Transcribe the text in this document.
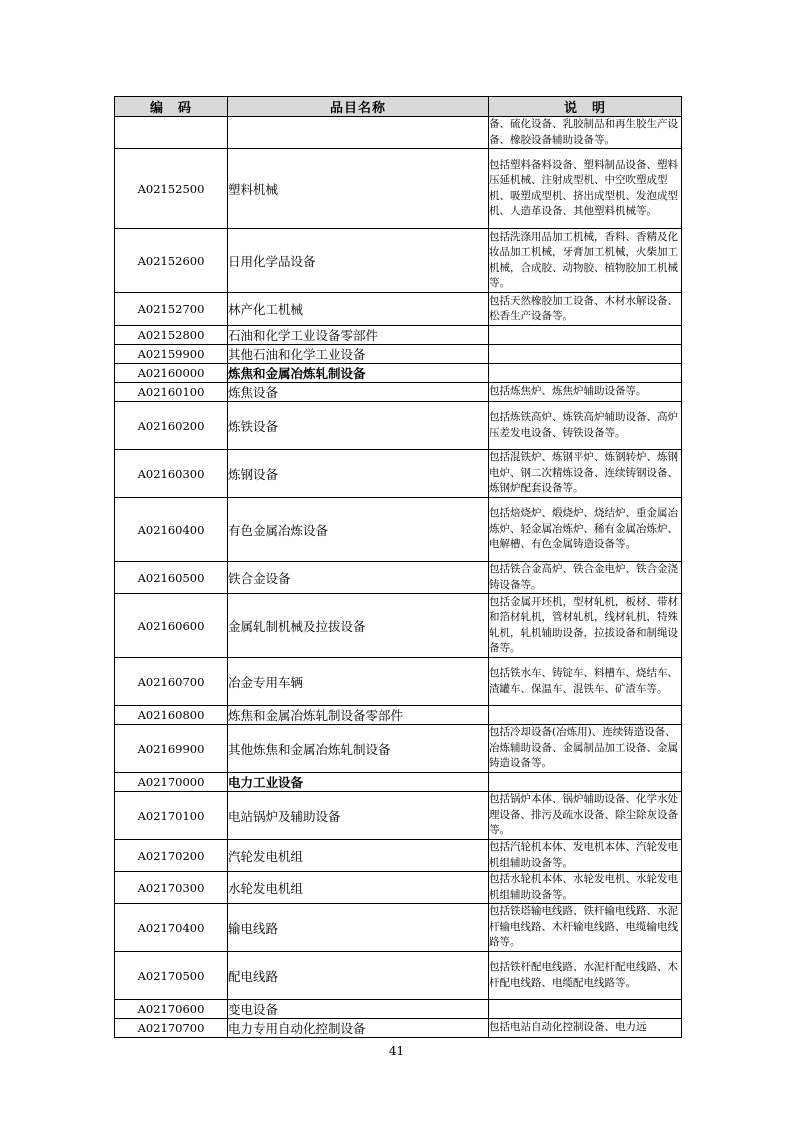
编　码	品目名称	说　明
		备、硫化设备、乳胶制品和再生胶生产设备、橡胶设备辅助设备等。
A02152500	塑料机械	包括塑料备料设备、塑料制品设备、塑料压延机械、注射成型机、中空吹塑成型机、吸塑成型机、挤出成型机、发泡成型机、人造革设备、其他塑料机械等。
A02152600	日用化学品设备	包括洗涤用品加工机械，香料、香精及化妆品加工机械，牙膏加工机械，火柴加工机械，合成胶、动物胶、植物胶加工机械等。
A02152700	林产化工机械	包括天然橡胶加工设备、木材水解设备、松香生产设备等。
A02152800	石油和化学工业设备零部件	
A02159900	其他石油和化学工业设备	
A02160000	炼焦和金属冶炼轧制设备	
A02160100	炼焦设备	包括炼焦炉、炼焦炉辅助设备等。
A02160200	炼铁设备	包括炼铁高炉、炼铁高炉辅助设备、高炉压差发电设备、铸铁设备等。
A02160300	炼钢设备	包括混铁炉、炼钢平炉、炼钢转炉、炼钢电炉、钢二次精炼设备、连续铸钢设备、炼钢炉配套设备等。
A02160400	有色金属冶炼设备	包括焙烧炉、煅烧炉、烧结炉、重金属冶炼炉、轻金属冶炼炉、稀有金属冶炼炉、电解槽、有色金属铸造设备等。
A02160500	铁合金设备	包括铁合金高炉、铁合金电炉、铁合金浇铸设备等。
A02160600	金属轧制机械及拉拔设备	包括金属开坯机，型材轧机，板材、带材和箔材轧机，管材轧机，线材轧机，特殊轧机，轧机辅助设备，拉拔设备和制绳设备等。
A02160700	冶金专用车辆	包括铁水车、铸锭车、料槽车、烧结车、渣罐车、保温车、混铁车、矿渣车等。
A02160800	炼焦和金属冶炼轧制设备零部件	
A02169900	其他炼焦和金属冶炼轧制设备	包括冷却设备(冶炼用)、连续铸造设备、冶炼辅助设备、金属制品加工设备、金属铸造设备等。
A02170000	电力工业设备	
A02170100	电站锅炉及辅助设备	包括锅炉本体、锅炉辅助设备、化学水处理设备、排污及疏水设备、除尘除灰设备等。
A02170200	汽轮发电机组	包括汽轮机本体、发电机本体、汽轮发电机组辅助设备等。
A02170300	水轮发电机组	包括水轮机本体、水轮发电机、水轮发电机组辅助设备等。
A02170400	输电线路	包括铁塔输电线路、铁杆输电线路、水泥杆输电线路、木杆输电线路、电缆输电线路等。
A02170500	配电线路	包括铁杆配电线路、水泥杆配电线路、木杆配电线路、电缆配电线路等。
A02170600	变电设备	
A02170700	电力专用自动化控制设备	包括电站自动化控制设备、电力远
41
